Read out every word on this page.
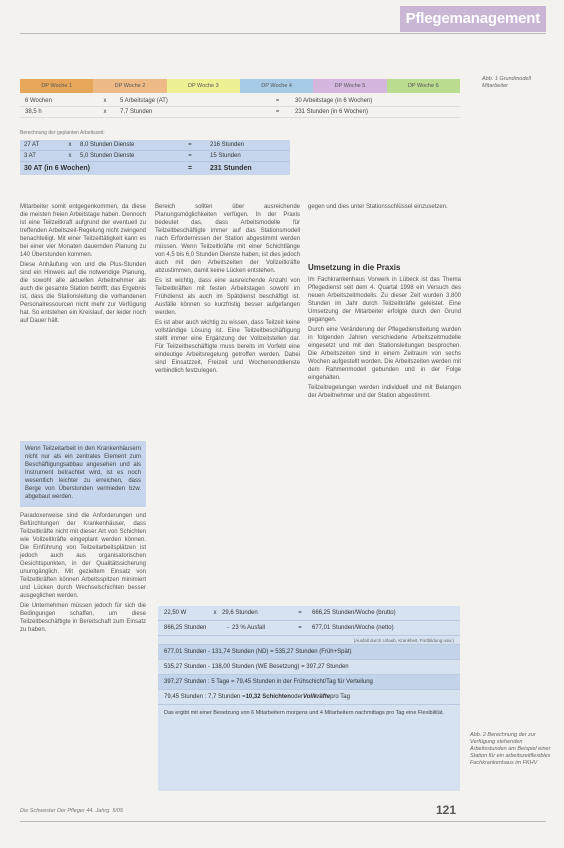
Pflegemanagement
DP Woche 1	DP Woche 2	DP Woche 3	DP Woche 4	DP Woche 5	DP Woche 6
6 Wochen	x	5 Arbeitstage (AT)	=	30 Arbeitstage (in 6 Wochen)
38,5 h	x	7,7 Stunden	=	231 Stunden (in 6 Wochen)
Berechnung der geplanten Arbeitszeit:
27 AT	x	8,0 Stunden Dienste	=	216 Stunden
3 AT	x	5,0 Stunden Dienste	=	15 Stunden
30 AT (in 6 Wochen)	=	231 Stunden
Abb. 1 Grundmodell Mitarbeiter

Mitarbeiter somit entgegenkommen, da diese die meisten freien Arbeitstage haben. Dennoch ist eine Teilzeitkraft aufgrund der eventuell zu treffenden Arbeitszeit-Regelung nicht zwingend benachteiligt. Mit einer Teilzeittätigkeit kann es bei einer vier Monaten dauernden Planung zu 140 Überstunden kommen.

Diese Anhäufung von und die Plus-Stunden sind ein Hinweis auf die notwendige Planung, die sowohl alle aktuellen Arbeitnehmer als auch die gesamte Station betrifft; das Ergebnis ist, dass die Stationsleitung die vorhandenen Personalressourcen nicht mehr zur Verfügung hat. So entstehen ein Kreislauf, der leider noch auf Dauer hält.

Wenn Teilzeitarbeit in den Krankenhäusern nicht nur als ein zentrales Element zum Beschäftigungsabbau angesehen und als Instrument betrachtet wird, ist es noch wesentlich leichter zu erreichen, dass Berge von Überstunden vermieden bzw. abgebaut werden.

Paradoxerweise sind die Anforderungen und Befürchtungen der Krankenhäuser, dass Teilzeitkräfte nicht mit dieser Art von Schichten wie Vollzeitkräfte eingeplant werden können. Die Einführung von Teilzeitarbeitsplätzen ist jedoch auch aus organisatorischen Gesichtspunkten, in der Qualitätssicherung unumgänglich. Mit gezieltem Einsatz von Teilzeitkräften können Arbeitsspitzen minimiert und Lücken durch Wechselschichten besser ausgeglichen werden.

Die Unternehmen müssen jedoch für sich die Bedingungen schaffen, um diese Teilzeitbeschäftigte in Bereitschaft zum Einsatz zu haben.

Bereich sollten über ausreichende Planungsmöglichkeiten verfügen. In der Praxis bedeutet das, dass Arbeitsmodelle für Teilzeitbeschäftigte immer auf das Stationsmodell nach Erfordernissen der Station abgestimmt werden müssen. Wenn Teilzeitkräfte mit einer Schichtlänge von 4,5 bis 6,0 Stunden Dienste haben, ist dies jedoch auch mit den Arbeitszeiten der Vollzeitkräfte abzustimmen, damit keine Lücken entstehen.

Es ist wichtig, dass eine ausreichende Anzahl von Teilzeitkräften mit festen Arbeitstagen sowohl im Frühdienst als auch im Spätdienst beschäftigt ist. Ausfälle können so kurzfristig besser aufgefangen werden.

Es ist aber auch wichtig zu wissen, dass Teilzeit keine vollständige Lösung ist. Eine Teilzeitbeschäftigung stellt immer eine Ergänzung der Vollzeitstellen dar. Für Teilzeitbeschäftigte muss bereits im Vorfeld eine eindeutige Arbeitsregelung getroffen werden. Dabei sind Einsatzzeit, Freizeit und Wochenenddienste verbindlich festzulegen.

gegen und dies unter Stationsschlüssel einzusetzen.

Umsetzung in die Praxis

Im Fachkrankenhaus Vorwerk in Lübeck ist das Thema Pflegedienst seit dem 4. Quartal 1998 ein Versuch des neuen Arbeitszeitmodells. Zu dieser Zeit wurden 3.800 Stunden im Jahr durch Teilzeitkräfte geleistet. Eine Umsetzung der Mitarbeiter erfolgte durch den Grund gegangen.

Durch eine Veränderung der Pflegedienstleitung wurden in folgenden Jahren verschiedene Arbeitszeitmodelle eingesetzt und mit den Stationsleitungen besprochen. Die Arbeitszeiten sind in einem Zeitraum von sechs Wochen aufgestellt worden. Die Arbeitszeiten werden mit dem Rahmenmodell gebunden und in der Folge eingehalten.

Teilzeitregelungen werden individuell und mit Belangen der Arbeitnehmer und der Station abgestimmt.

22,50 W	x 29,6 Stunden	=	666,25 Stunden/Woche (brutto)
866,25 Stunden	- 23 % Ausfall	=	677,01 Stunden/Woche (netto)
(Ausfall durch Urlaub, Krankheit, Fortbildung usw.)
677,01 Stunden - 131,74 Stunden (ND) = 535,27 Stunden (Früh+Spät)
535,27 Stunden - 138,00 Stunden (WE Besetzung) = 397,27 Stunden
397,27 Stunden : 5 Tage = 79,45 Stunden in der Frühschicht/Tag für Verteilung
79,45 Stunden : 7,7 Stunden = 10,32 Schichten oder Vollkräfte pro Tag
Das ergibt mit einer Besetzung von 6 Mitarbeitern morgens und 4 Mitarbeitern nachmittags pro Tag eine Flexibilität.
Abb. 2 Berechnung der zur Verfügung stehenden Arbeitsstunden am Beispiel einer Station für ein arbeitszeitflexibles Fachkrankenhaus im FKHV
Die Schwester Der Pfleger 44. Jahrg. 5/05	121
